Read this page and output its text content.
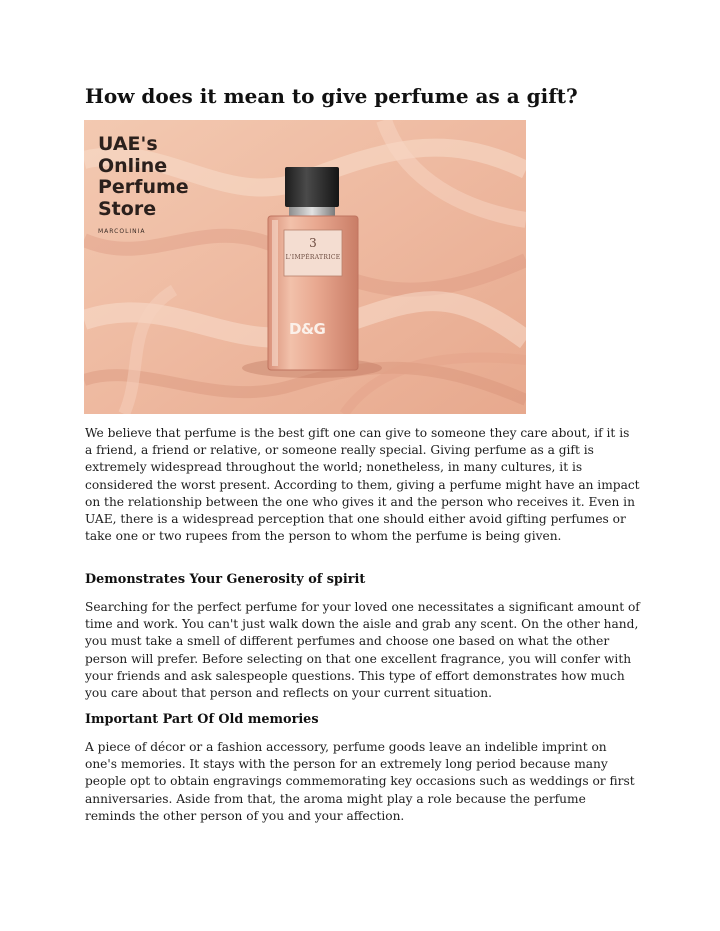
How does it mean to give perfume as a gift?
UAE's
Online
Perfume
Store
MARCOLINIA
3
L'IMPÉRATRICE
D&G

We believe that perfume is the best gift one can give to someone they care about, if it is a friend, a friend or relative, or someone really special. Giving perfume as a gift is extremely widespread throughout the world; nonetheless, in many cultures, it is considered the worst present. According to them, giving a perfume might have an impact on the relationship between the one who gives it and the person who receives it. Even in UAE, there is a widespread perception that one should either avoid gifting perfumes or take one or two rupees from the person to whom the perfume is being given.

Demonstrates Your Generosity of spirit

Searching for the perfect perfume for your loved one necessitates a significant amount of time and work. You can't just walk down the aisle and grab any scent. On the other hand, you must take a smell of different perfumes and choose one based on what the other person will prefer. Before selecting on that one excellent fragrance, you will confer with your friends and ask salespeople questions. This type of effort demonstrates how much you care about that person and reflects on your current situation.

Important Part Of Old memories

A piece of décor or a fashion accessory, perfume goods leave an indelible imprint on one's memories. It stays with the person for an extremely long period because many people opt to obtain engravings commemorating key occasions such as weddings or first anniversaries. Aside from that, the aroma might play a role because the perfume reminds the other person of you and your affection.
